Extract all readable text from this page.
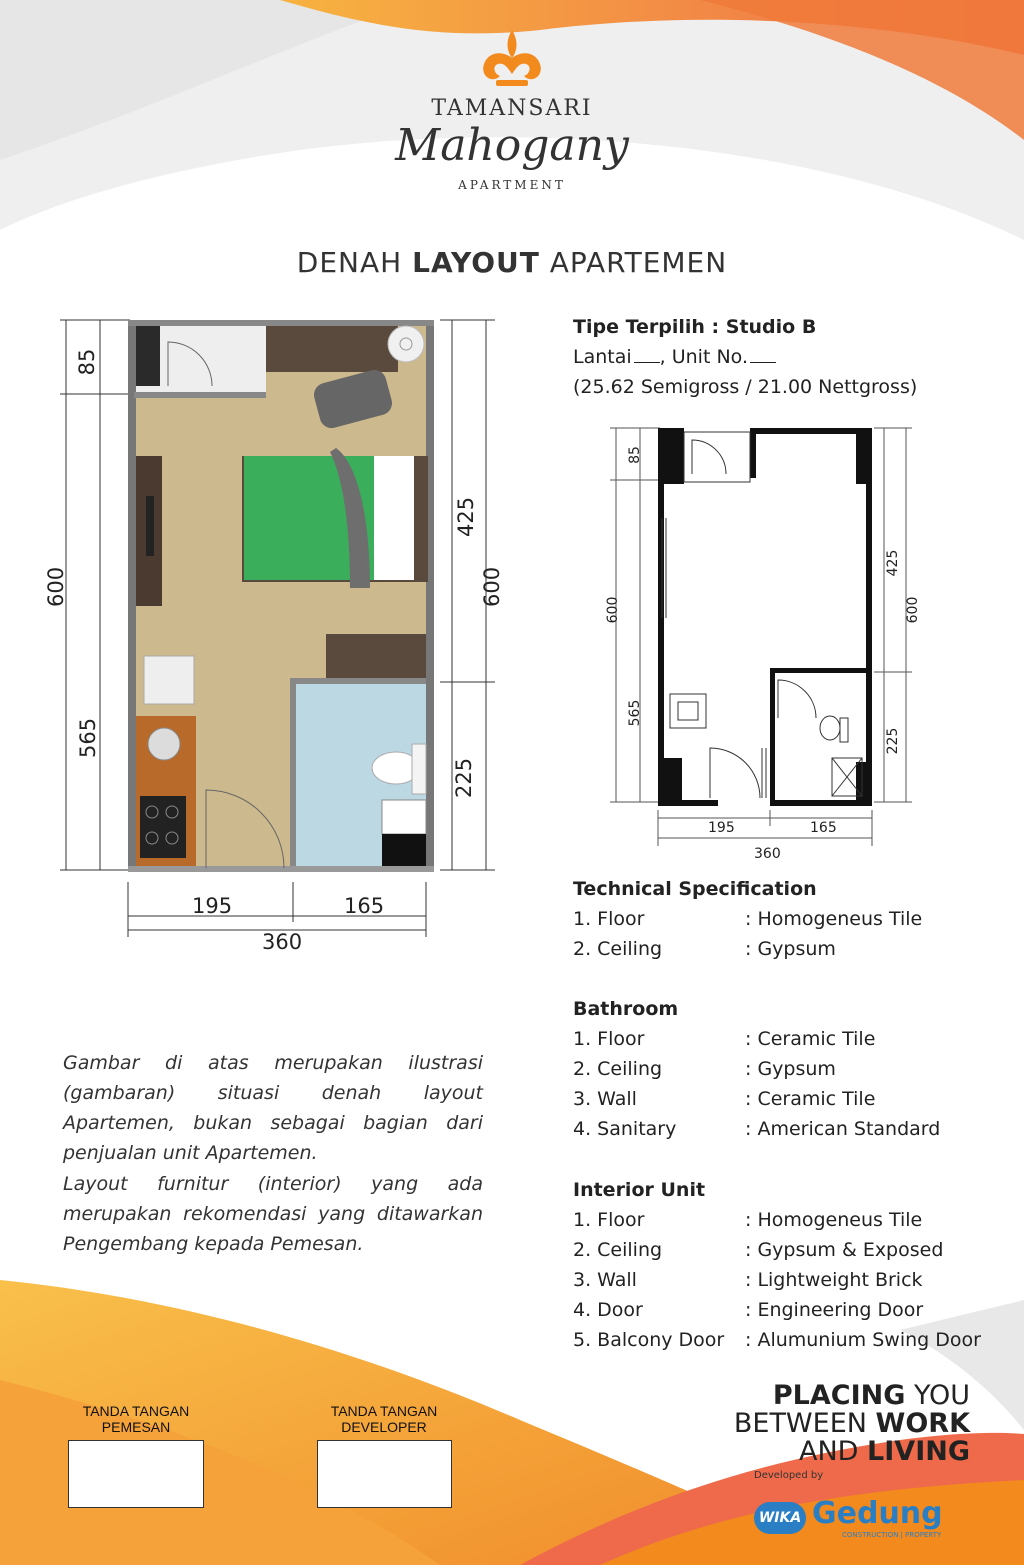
TAMANSARI
Mahogany
APARTMENT
DENAH LAYOUT APARTEMEN
85
425
600	600
565
225
195	165
360
Tipe Terpilih : Studio B
Lantai , Unit No.
(25.62 Semigross / 21.00 Nettgross)
85
425
600	600
565
225
195	165
360
Technical Specification
1. Floor	: Homogeneus Tile
2. Ceiling	: Gypsum
Bathroom
1. Floor	: Ceramic Tile
2. Ceiling	: Gypsum
3. Wall	: Ceramic Tile
4. Sanitary	: American Standard
Interior Unit
1. Floor	: Homogeneus Tile
2. Ceiling	: Gypsum & Exposed
3. Wall	: Lightweight Brick
4. Door	: Engineering Door
5. Balcony Door : Alumunium Swing Door
Gambar di atas merupakan ilustrasi (gambaran) situasi denah layout Apartemen, bukan sebagai bagian dari penjualan unit Apartemen.
Layout furnitur (interior) yang ada merupakan rekomendasi yang ditawarkan Pengembang kepada Pemesan.
TANDA TANGAN
PEMESAN
TANDA TANGAN
DEVELOPER
PLACING YOU
BETWEEN WORK
AND LIVING
Developed by
WIKA Gedung
CONSTRUCTION | PROPERTY
